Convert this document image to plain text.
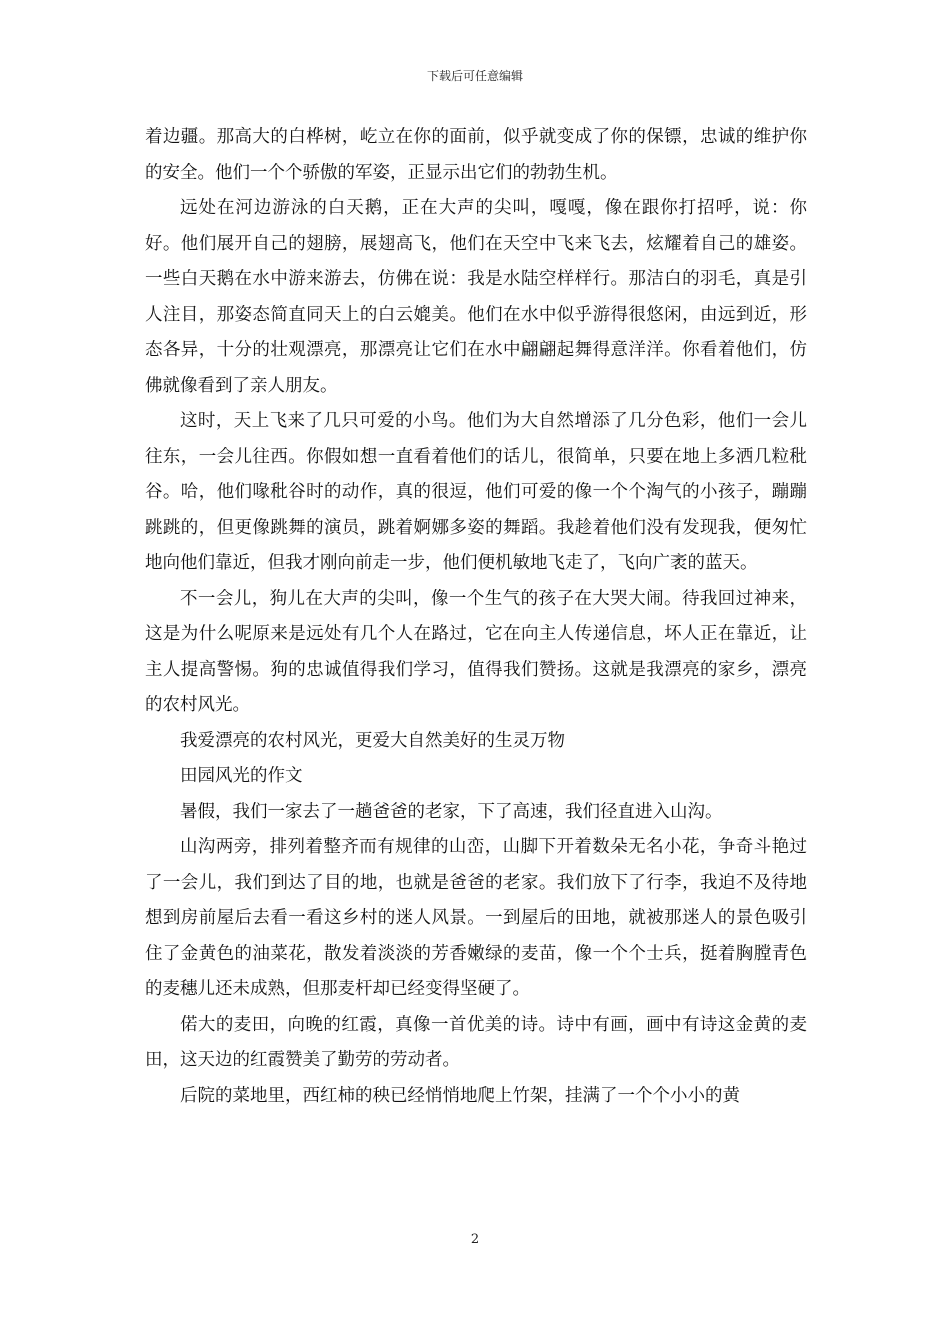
下载后可任意编辑

着边疆。那高大的白桦树，屹立在你的面前，似乎就变成了你的保镖，忠诚的维护你的安全。他们一个个骄傲的军姿，正显示出它们的勃勃生机。

远处在河边游泳的白天鹅，正在大声的尖叫，嘎嘎，像在跟你打招呼，说：你好。他们展开自己的翅膀，展翅高飞，他们在天空中飞来飞去，炫耀着自己的雄姿。一些白天鹅在水中游来游去，仿佛在说：我是水陆空样样行。那洁白的羽毛，真是引人注目，那姿态简直同天上的白云媲美。他们在水中似乎游得很悠闲，由远到近，形态各异，十分的壮观漂亮，那漂亮让它们在水中翩翩起舞得意洋洋。你看着他们，仿佛就像看到了亲人朋友。

这时，天上飞来了几只可爱的小鸟。他们为大自然增添了几分色彩，他们一会儿往东，一会儿往西。你假如想一直看着他们的话儿，很简单，只要在地上多洒几粒秕谷。哈，他们喙秕谷时的动作，真的很逗，他们可爱的像一个个淘气的小孩子，蹦蹦跳跳的，但更像跳舞的演员，跳着婀娜多姿的舞蹈。我趁着他们没有发现我，便匆忙地向他们靠近，但我才刚向前走一步，他们便机敏地飞走了，飞向广袤的蓝天。

不一会儿，狗儿在大声的尖叫，像一个生气的孩子在大哭大闹。待我回过神来，这是为什么呢原来是远处有几个人在路过，它在向主人传递信息，坏人正在靠近，让主人提高警惕。狗的忠诚值得我们学习，值得我们赞扬。这就是我漂亮的家乡，漂亮的农村风光。

我爱漂亮的农村风光，更爱大自然美好的生灵万物

田园风光的作文

暑假，我们一家去了一趟爸爸的老家，下了高速，我们径直进入山沟。

山沟两旁，排列着整齐而有规律的山峦，山脚下开着数朵无名小花，争奇斗艳过了一会儿，我们到达了目的地，也就是爸爸的老家。我们放下了行李，我迫不及待地想到房前屋后去看一看这乡村的迷人风景。一到屋后的田地，就被那迷人的景色吸引住了金黄色的油菜花，散发着淡淡的芳香嫩绿的麦苗，像一个个士兵，挺着胸膛青色的麦穗儿还未成熟，但那麦杆却已经变得坚硬了。

偌大的麦田，向晚的红霞，真像一首优美的诗。诗中有画，画中有诗这金黄的麦田，这天边的红霞赞美了勤劳的劳动者。

后院的菜地里，西红柿的秧已经悄悄地爬上竹架，挂满了一个个小小的黄

2
